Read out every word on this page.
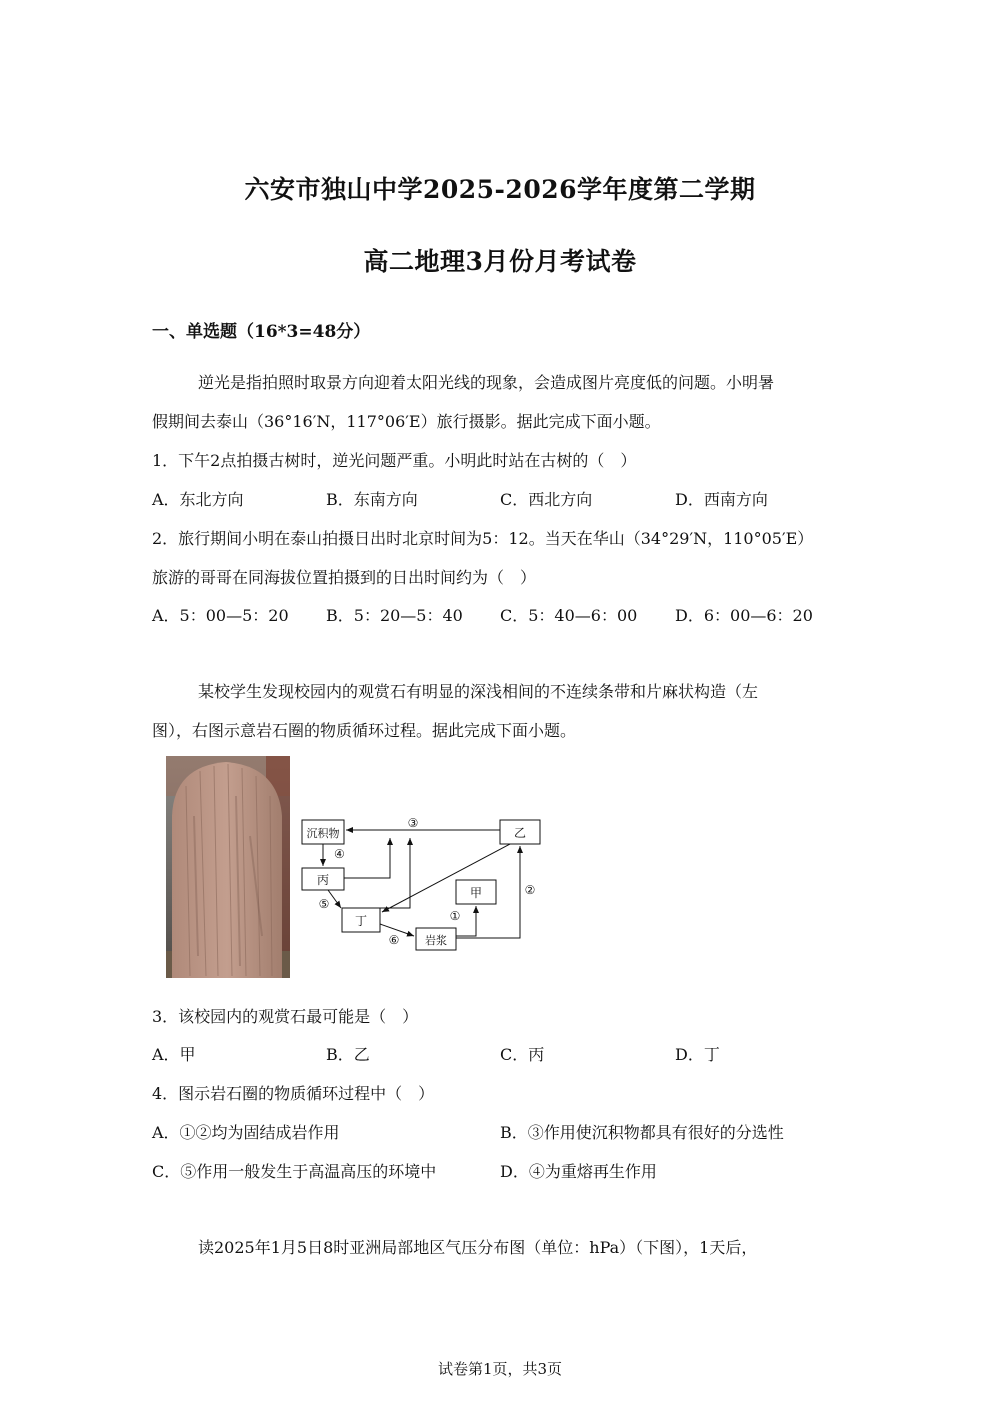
六安市独山中学2025-2026学年度第二学期
高二地理3月份月考试卷
一、单选题（16*3=48分）
逆光是指拍照时取景方向迎着太阳光线的现象，会造成图片亮度低的问题。小明暑
假期间去泰山（36°16′N，117°06′E）旅行摄影。据此完成下面小题。
1．下午2点拍摄古树时，逆光问题严重。小明此时站在古树的（　）
A．东北方向	B．东南方向	C．西北方向	D．西南方向
2．旅行期间小明在泰山拍摄日出时北京时间为5：12。当天在华山（34°29′N，110°05′E）
旅游的哥哥在同海拔位置拍摄到的日出时间约为（　）
A．5：00—5：20 B．5：20—5：40 C．5：40—6：00 D．6：00—6：20
某校学生发现校园内的观赏石有明显的深浅相间的不连续条带和片麻状构造（左
图），右图示意岩石圈的物质循环过程。据此完成下面小题。
沉积物	乙
丙
甲
丁
岩浆
③
④
⑤
⑥
①
②
3．该校园内的观赏石最可能是（　）
A．甲	B．乙	C．丙	D．丁
4．图示岩石圈的物质循环过程中（　）
A．①②均为固结成岩作用	B．③作用使沉积物都具有很好的分选性
C．⑤作用一般发生于高温高压的环境中	D．④为重熔再生作用
读2025年1月5日8时亚洲局部地区气压分布图（单位：hPa）（下图），1天后，
试卷第1页，共3页
